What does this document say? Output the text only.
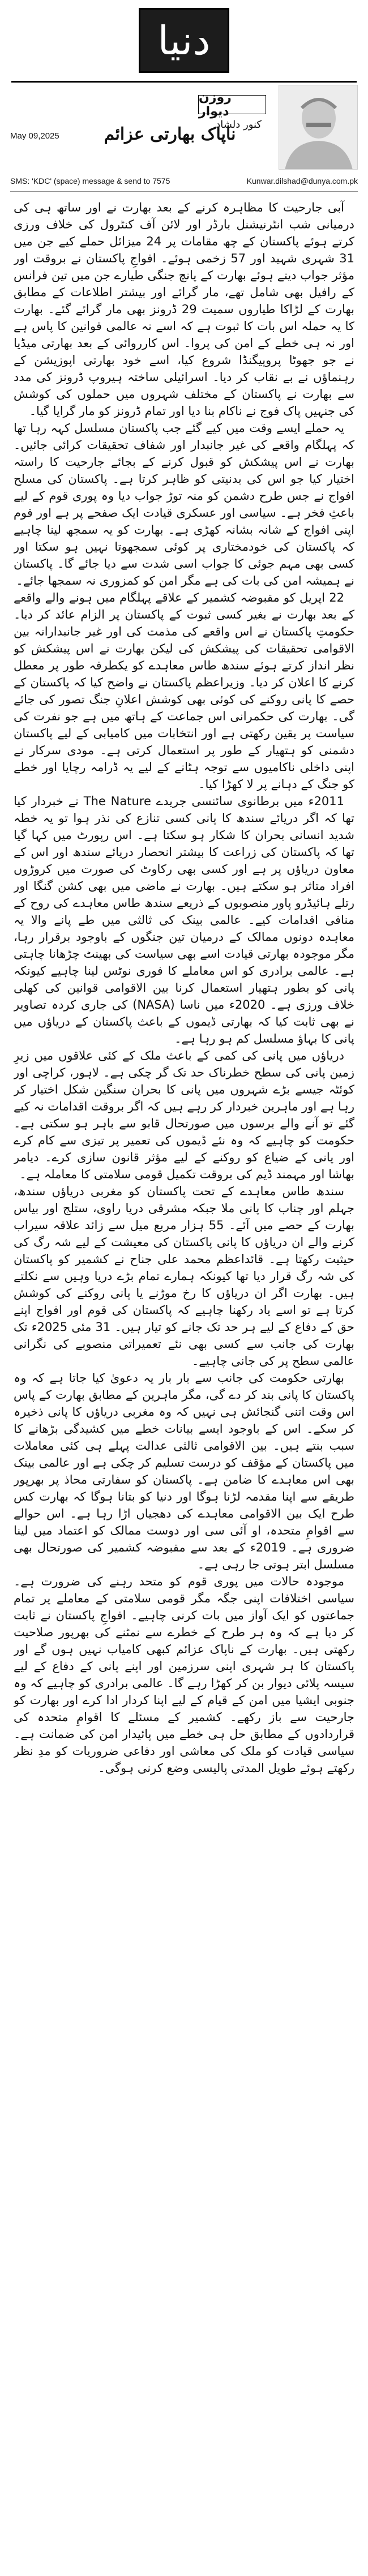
دنیا
روزن دیوار
کنور دلشاد
May 09,2025	ناپاک بھارتی عزائم
SMS: 'KDC' (space) message & send to 7575	Kunwar.dilshad@dunya.com.pk

آبی جارحیت کا مظاہرہ کرنے کے بعد بھارت نے اور ساتھ ہی کی درمیانی شب انٹرنیشنل بارڈر اور لائن آف کنٹرول کی خلاف ورزی کرتے ہوئے پاکستان کے چھ مقامات پر 24 میزائل حملے کیے جن میں 31 شہری شہید اور 57 زخمی ہوئے۔ افواجِ پاکستان نے بروقت اور مؤثر جواب دیتے ہوئے بھارت کے پانچ جنگی طیارے جن میں تین فرانس کے رافیل بھی شامل تھے، مار گرائے اور بیشتر اطلاعات کے مطابق بھارت کے لڑاکا طیاروں سمیت 29 ڈرونز بھی مار گرائے گئے۔ بھارت کا یہ حملہ اس بات کا ثبوت ہے کہ اسے نہ عالمی قوانین کا پاس ہے اور نہ ہی خطے کے امن کی پروا۔ اس کارروائی کے بعد بھارتی میڈیا نے جو جھوٹا پروپیگنڈا شروع کیا، اسے خود بھارتی اپوزیشن کے رہنماؤں نے بے نقاب کر دیا۔ اسرائیلی ساختہ ہیروپ ڈرونز کی مدد سے بھارت نے پاکستان کے مختلف شہروں میں حملوں کی کوشش کی جنہیں پاک فوج نے ناکام بنا دیا اور تمام ڈرونز کو مار گرایا گیا۔

یہ حملے ایسے وقت میں کیے گئے جب پاکستان مسلسل کہہ رہا تھا کہ پہلگام واقعے کی غیر جانبدار اور شفاف تحقیقات کرائی جائیں۔ بھارت نے اس پیشکش کو قبول کرنے کے بجائے جارحیت کا راستہ اختیار کیا جو اس کی بدنیتی کو ظاہر کرتا ہے۔ پاکستان کی مسلح افواج نے جس طرح دشمن کو منہ توڑ جواب دیا وہ پوری قوم کے لیے باعثِ فخر ہے۔ سیاسی اور عسکری قیادت ایک صفحے پر ہے اور قوم اپنی افواج کے شانہ بشانہ کھڑی ہے۔ بھارت کو یہ سمجھ لینا چاہیے کہ پاکستان کی خودمختاری پر کوئی سمجھوتا نہیں ہو سکتا اور کسی بھی مہم جوئی کا جواب اسی شدت سے دیا جائے گا۔ پاکستان نے ہمیشہ امن کی بات کی ہے مگر امن کو کمزوری نہ سمجھا جائے۔

22 اپریل کو مقبوضہ کشمیر کے علاقے پہلگام میں ہونے والے واقعے کے بعد بھارت نے بغیر کسی ثبوت کے پاکستان پر الزام عائد کر دیا۔ حکومتِ پاکستان نے اس واقعے کی مذمت کی اور غیر جانبدارانہ بین الاقوامی تحقیقات کی پیشکش کی لیکن بھارت نے اس پیشکش کو نظر انداز کرتے ہوئے سندھ طاس معاہدے کو یکطرفہ طور پر معطل کرنے کا اعلان کر دیا۔ وزیراعظم پاکستان نے واضح کیا کہ پاکستان کے حصے کا پانی روکنے کی کوئی بھی کوشش اعلانِ جنگ تصور کی جائے گی۔ بھارت کی حکمرانی اس جماعت کے ہاتھ میں ہے جو نفرت کی سیاست پر یقین رکھتی ہے اور انتخابات میں کامیابی کے لیے پاکستان دشمنی کو ہتھیار کے طور پر استعمال کرتی ہے۔ مودی سرکار نے اپنی داخلی ناکامیوں سے توجہ ہٹانے کے لیے یہ ڈرامہ رچایا اور خطے کو جنگ کے دہانے پر لا کھڑا کیا۔

2011ء میں برطانوی سائنسی جریدے The Nature نے خبردار کیا تھا کہ اگر دریائے سندھ کا پانی کسی تنازع کی نذر ہوا تو یہ خطہ شدید انسانی بحران کا شکار ہو سکتا ہے۔ اس رپورٹ میں کہا گیا تھا کہ پاکستان کی زراعت کا بیشتر انحصار دریائے سندھ اور اس کے معاون دریاؤں پر ہے اور کسی بھی رکاوٹ کی صورت میں کروڑوں افراد متاثر ہو سکتے ہیں۔ بھارت نے ماضی میں بھی کشن گنگا اور رتلے ہائیڈرو پاور منصوبوں کے ذریعے سندھ طاس معاہدے کی روح کے منافی اقدامات کیے۔ عالمی بینک کی ثالثی میں طے پانے والا یہ معاہدہ دونوں ممالک کے درمیان تین جنگوں کے باوجود برقرار رہا، مگر موجودہ بھارتی قیادت اسے بھی سیاست کی بھینٹ چڑھانا چاہتی ہے۔ عالمی برادری کو اس معاملے کا فوری نوٹس لینا چاہیے کیونکہ پانی کو بطور ہتھیار استعمال کرنا بین الاقوامی قوانین کی کھلی خلاف ورزی ہے۔ 2020ء میں ناسا (NASA) کی جاری کردہ تصاویر نے بھی ثابت کیا کہ بھارتی ڈیموں کے باعث پاکستان کے دریاؤں میں پانی کا بہاؤ مسلسل کم ہو رہا ہے۔

دریاؤں میں پانی کی کمی کے باعث ملک کے کئی علاقوں میں زیرِ زمین پانی کی سطح خطرناک حد تک گر چکی ہے۔ لاہور، کراچی اور کوئٹہ جیسے بڑے شہروں میں پانی کا بحران سنگین شکل اختیار کر رہا ہے اور ماہرین خبردار کر رہے ہیں کہ اگر بروقت اقدامات نہ کیے گئے تو آنے والے برسوں میں صورتحال قابو سے باہر ہو سکتی ہے۔ حکومت کو چاہیے کہ وہ نئے ڈیموں کی تعمیر پر تیزی سے کام کرے اور پانی کے ضیاع کو روکنے کے لیے مؤثر قانون سازی کرے۔ دیامر بھاشا اور مہمند ڈیم کی بروقت تکمیل قومی سلامتی کا معاملہ ہے۔

سندھ طاس معاہدے کے تحت پاکستان کو مغربی دریاؤں سندھ، جہلم اور چناب کا پانی ملا جبکہ مشرقی دریا راوی، ستلج اور بیاس بھارت کے حصے میں آئے۔ 55 ہزار مربع میل سے زائد علاقہ سیراب کرنے والے ان دریاؤں کا پانی پاکستان کی معیشت کے لیے شہ رگ کی حیثیت رکھتا ہے۔ قائداعظم محمد علی جناح نے کشمیر کو پاکستان کی شہ رگ قرار دیا تھا کیونکہ ہمارے تمام بڑے دریا وہیں سے نکلتے ہیں۔ بھارت اگر ان دریاؤں کا رخ موڑنے یا پانی روکنے کی کوشش کرتا ہے تو اسے یاد رکھنا چاہیے کہ پاکستان کی قوم اور افواج اپنے حق کے دفاع کے لیے ہر حد تک جانے کو تیار ہیں۔ 31 مئی 2025ء تک بھارت کی جانب سے کسی بھی نئے تعمیراتی منصوبے کی نگرانی عالمی سطح پر کی جانی چاہیے۔

بھارتی حکومت کی جانب سے بار بار یہ دعویٰ کیا جاتا ہے کہ وہ پاکستان کا پانی بند کر دے گی، مگر ماہرین کے مطابق بھارت کے پاس اس وقت اتنی گنجائش ہی نہیں کہ وہ مغربی دریاؤں کا پانی ذخیرہ کر سکے۔ اس کے باوجود ایسے بیانات خطے میں کشیدگی بڑھانے کا سبب بنتے ہیں۔ بین الاقوامی ثالثی عدالت پہلے ہی کئی معاملات میں پاکستان کے مؤقف کو درست تسلیم کر چکی ہے اور عالمی بینک بھی اس معاہدے کا ضامن ہے۔ پاکستان کو سفارتی محاذ پر بھرپور طریقے سے اپنا مقدمہ لڑنا ہوگا اور دنیا کو بتانا ہوگا کہ بھارت کس طرح ایک بین الاقوامی معاہدے کی دھجیاں اڑا رہا ہے۔ اس حوالے سے اقوامِ متحدہ، او آئی سی اور دوست ممالک کو اعتماد میں لینا ضروری ہے۔ 2019ء کے بعد سے مقبوضہ کشمیر کی صورتحال بھی مسلسل ابتر ہوتی جا رہی ہے۔

موجودہ حالات میں پوری قوم کو متحد رہنے کی ضرورت ہے۔ سیاسی اختلافات اپنی جگہ مگر قومی سلامتی کے معاملے پر تمام جماعتوں کو ایک آواز میں بات کرنی چاہیے۔ افواجِ پاکستان نے ثابت کر دیا ہے کہ وہ ہر طرح کے خطرے سے نمٹنے کی بھرپور صلاحیت رکھتی ہیں۔ بھارت کے ناپاک عزائم کبھی کامیاب نہیں ہوں گے اور پاکستان کا ہر شہری اپنی سرزمین اور اپنے پانی کے دفاع کے لیے سیسہ پلائی دیوار بن کر کھڑا رہے گا۔ عالمی برادری کو چاہیے کہ وہ جنوبی ایشیا میں امن کے قیام کے لیے اپنا کردار ادا کرے اور بھارت کو جارحیت سے باز رکھے۔ کشمیر کے مسئلے کا اقوامِ متحدہ کی قراردادوں کے مطابق حل ہی خطے میں پائیدار امن کی ضمانت ہے۔ سیاسی قیادت کو ملک کی معاشی اور دفاعی ضروریات کو مدِ نظر رکھتے ہوئے طویل المدتی پالیسی وضع کرنی ہوگی۔
